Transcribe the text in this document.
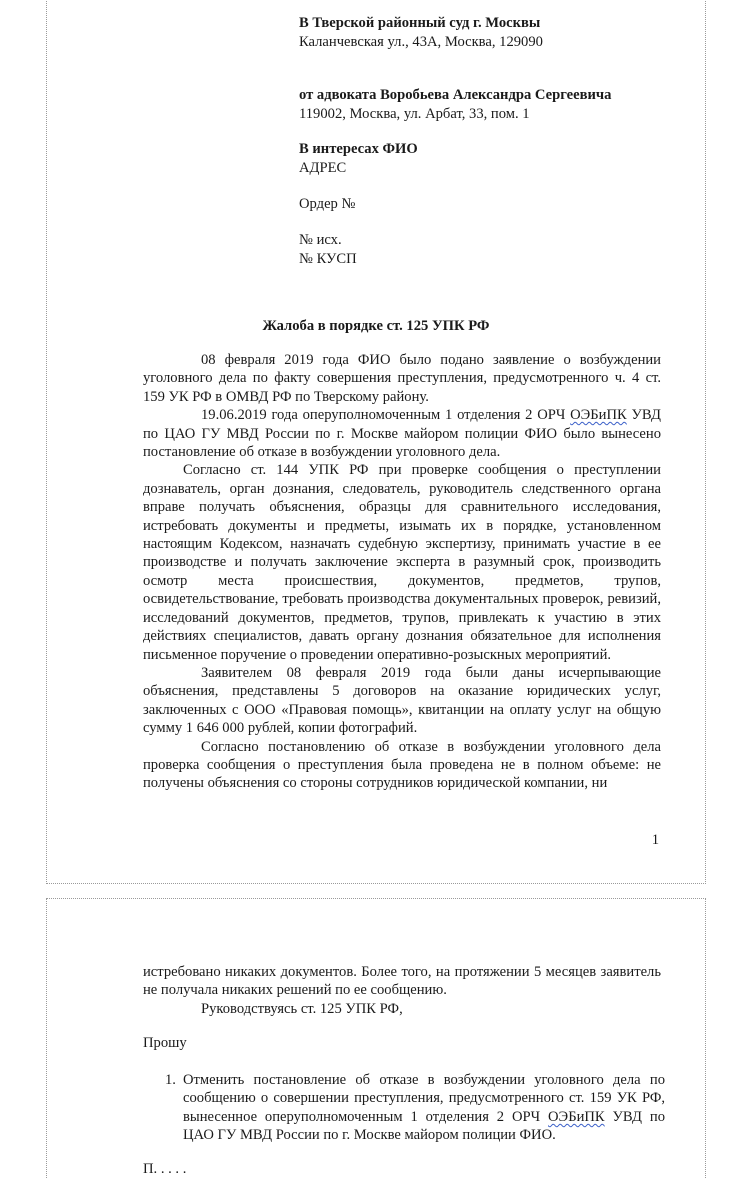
В Тверской районный суд г. Москвы
Каланчевская ул., 43А, Москва, 129090
от адвоката Воробьева Александра Сергеевича
119002, Москва, ул. Арбат, 33, пом. 1
В интересах ФИО
АДРЕС
Ордер №
№ исх.
№ КУСП
Жалоба в порядке ст. 125 УПК РФ

08 февраля 2019 года ФИО было подано заявление о возбуждении уголовного дела по факту совершения преступления, предусмотренного ч. 4 ст. 159 УК РФ в ОМВД РФ по Тверскому району.

19.06.2019 года оперуполномоченным 1 отделения 2 ОРЧ ОЭБиПК УВД по ЦАО ГУ МВД России по г. Москве майором полиции ФИО было вынесено постановление об отказе в возбуждении уголовного дела.

Согласно ст. 144 УПК РФ при проверке сообщения о преступлении дознаватель, орган дознания, следователь, руководитель следственного органа вправе получать объяснения, образцы для сравнительного исследования, истребовать документы и предметы, изымать их в порядке, установленном настоящим Кодексом, назначать судебную экспертизу, принимать участие в ее производстве и получать заключение эксперта в разумный срок, производить осмотр места происшествия, документов, предметов, трупов, освидетельствование, требовать производства документальных проверок, ревизий, исследований документов, предметов, трупов, привлекать к участию в этих действиях специалистов, давать органу дознания обязательное для исполнения письменное поручение о проведении оперативно-розыскных мероприятий.

Заявителем 08 февраля 2019 года были даны исчерпывающие объяснения, представлены 5 договоров на оказание юридических услуг, заключенных с ООО «Правовая помощь», квитанции на оплату услуг на общую сумму 1 646 000 рублей, копии фотографий.

Согласно постановлению об отказе в возбуждении уголовного дела проверка сообщения о преступления была проведена не в полном объеме: не получены объяснения со стороны сотрудников юридической компании, ни

1

истребовано никаких документов. Более того, на протяжении 5 месяцев заявитель не получала никаких решений по ее сообщению.

Руководствуясь ст. 125 УПК РФ,

Прошу
1. Отменить постановление об отказе в возбуждении уголовного дела по сообщению о совершении преступления, предусмотренного ст. 159 УК РФ, вынесенное оперуполномоченным 1 отделения 2 ОРЧ ОЭБиПК УВД по ЦАО ГУ МВД России по г. Москве майором полиции ФИО.
П. . . . .
